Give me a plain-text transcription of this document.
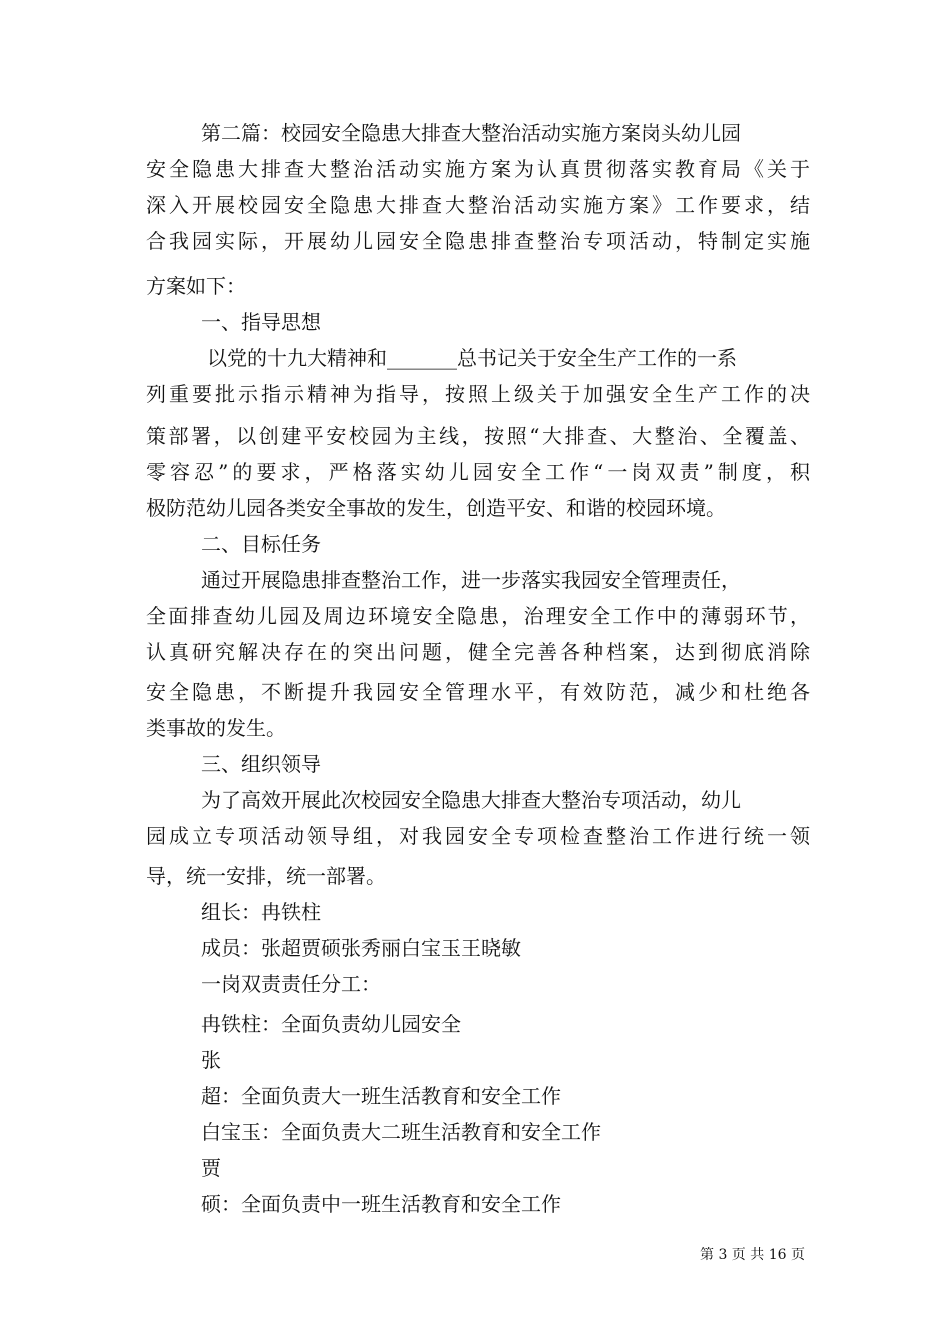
第二篇：校园安全隐患大排查大整治活动实施方案岗头幼儿园
安全隐患大排查大整治活动实施方案为认真贯彻落实教育局《关于
深入开展校园安全隐患大排查大整治活动实施方案》工作要求，结
合我园实际，开展幼儿园安全隐患排查整治专项活动，特制定实施
方案如下：
一、指导思想
以党的十九大精神和_______总书记关于安全生产工作的一系
列重要批示指示精神为指导，按照上级关于加强安全生产工作的决
策部署，以创建平安校园为主线，按照“大排查、大整治、全覆盖、
零容忍”的要求，严格落实幼儿园安全工作“一岗双责”制度，积
极防范幼儿园各类安全事故的发生，创造平安、和谐的校园环境。
二、目标任务
通过开展隐患排查整治工作，进一步落实我园安全管理责任，
全面排查幼儿园及周边环境安全隐患，治理安全工作中的薄弱环节，
认真研究解决存在的突出问题，健全完善各种档案，达到彻底消除
安全隐患，不断提升我园安全管理水平，有效防范，减少和杜绝各
类事故的发生。
三、组织领导
为了高效开展此次校园安全隐患大排查大整治专项活动，幼儿
园成立专项活动领导组，对我园安全专项检查整治工作进行统一领
导，统一安排，统一部署。
组长：冉铁柱
成员：张超贾硕张秀丽白宝玉王晓敏
一岗双责责任分工：
冉铁柱：全面负责幼儿园安全
张
超：全面负责大一班生活教育和安全工作
白宝玉：全面负责大二班生活教育和安全工作
贾
硕：全面负责中一班生活教育和安全工作
第 3 页 共 16 页
